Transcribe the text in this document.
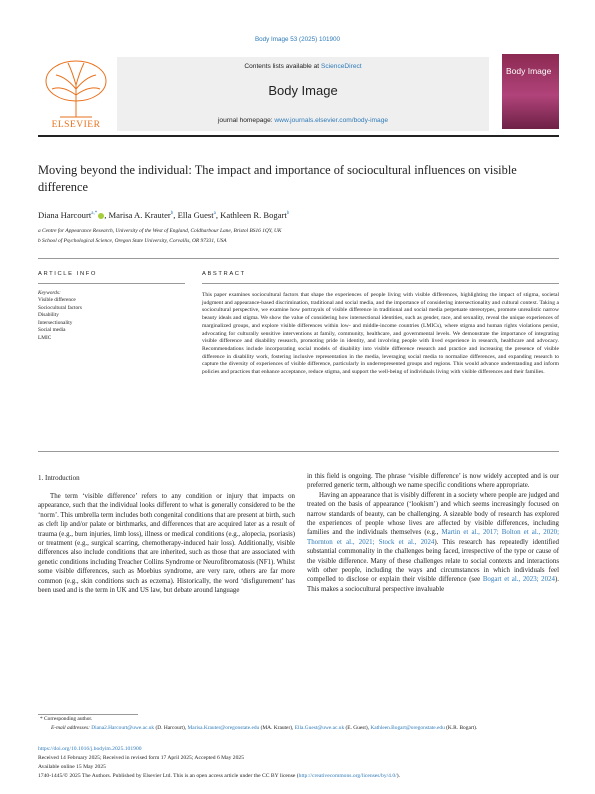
Body Image 53 (2025) 101900
ELSEVIER
Contents lists available at ScienceDirect
Body Image
journal homepage: www.journals.elsevier.com/body-image
Body Image
Moving beyond the individual: The impact and importance of sociocultural influences on visible difference
Diana Harcourt$^{a,*}$ , Marisa A. Krauter$^b$, Ella Guest$^a$, Kathleen R. Bogart$^b$
a Centre for Appearance Research, University of the West of England, Coldharbour Lane, Bristol BS16 1QY, UK
b School of Psychological Science, Oregon State University, Corvallis, OR 97331, USA
ARTICLE INFO
Keywords:
Visible difference
Sociocultural factors
Disability
Intersectionality
Social media
LMIC
ABSTRACT
This paper examines sociocultural factors that shape the experiences of people living with visible differences, highlighting the impact of stigma, societal judgment and appearance-based discrimination, traditional and social media, and the importance of considering intersectionality and cultural context. Taking a sociocultural perspective, we examine how portrayals of visible difference in traditional and social media perpetuate stereotypes, promote unrealistic narrow beauty ideals and stigma. We show the value of considering how intersectional identities, such as gender, race, and sexuality, reveal the unique experiences of marginalized groups, and explore visible differences within low- and middle-income countries (LMICs), where stigma and human rights violations persist, advocating for culturally sensitive interventions at family, community, healthcare, and governmental levels. We demonstrate the importance of integrating visible difference and disability research, promoting pride in identity, and involving people with lived experience in research, healthcare and advocacy. Recommendations include incorporating social models of disability into visible difference research and practice and increasing the presence of visible difference in disability work, fostering inclusive representation in the media, leveraging social media to normalize differences, and expanding research to capture the diversity of experiences of visible difference, particularly in underrepresented groups and regions. This would advance understanding and inform policies and practices that enhance acceptance, reduce stigma, and support the well-being of individuals living with visible differences and their families.
1. Introduction
The term ‘visible difference’ refers to any condition or injury that impacts on appearance, such that the individual looks different to what is generally considered to be the ‘norm’. This umbrella term includes both congenital conditions that are present at birth, such as cleft lip and/or palate or birthmarks, and differences that are acquired later as a result of trauma (e.g., burn injuries, limb loss), illness or medical conditions (e.g., alopecia, psoriasis) or treatment (e.g., surgical scarring, chemotherapy-induced hair loss). Additionally, visible differences also include conditions that are inherited, such as those that are associated with genetic conditions including Treacher Collins Syndrome or Neurofibromatosis (NF1). Whilst some visible differences, such as Moebius syndrome, are very rare, others are far more common (e.g., skin conditions such as eczema). Historically, the word ‘disfigurement’ has been used and is the term in UK and US law, but debate around language

in this field is ongoing. The phrase ‘visible difference’ is now widely accepted and is our preferred generic term, although we name specific conditions where appropriate.

Having an appearance that is visibly different in a society where people are judged and treated on the basis of appearance (‘lookism’) and which seems increasingly focused on narrow standards of beauty, can be challenging. A sizeable body of research has explored the experiences of people whose lives are affected by visible differences, including families and the individuals themselves (e.g., Martin et al., 2017; Bolton et al., 2020; Thornton et al., 2021; Stock et al., 2024). This research has repeatedly identified substantial commonality in the challenges being faced, irrespective of the type or cause of the visible difference. Many of these challenges relate to social contexts and interactions with other people, including the ways and circumstances in which individuals feel compelled to disclose or explain their visible difference (see Bogart et al., 2023; 2024). This makes a sociocultural perspective invaluable

* Corresponding author.
E-mail addresses: Diana2.Harcourt@uwe.ac.uk (D. Harcourt), Marisa.Krauter@oregonstate.edu (MA. Krauter), Ella.Guest@uwe.ac.uk (E. Guest), Kathleen.Bogart@oregonstate.edu (K.R. Bogart).
https://doi.org/10.1016/j.bodyim.2025.101900
Received 14 February 2025; Received in revised form 17 April 2025; Accepted 6 May 2025
Available online 15 May 2025
1740-1445/© 2025 The Authors. Published by Elsevier Ltd. This is an open access article under the CC BY license (http://creativecommons.org/licenses/by/4.0/).
